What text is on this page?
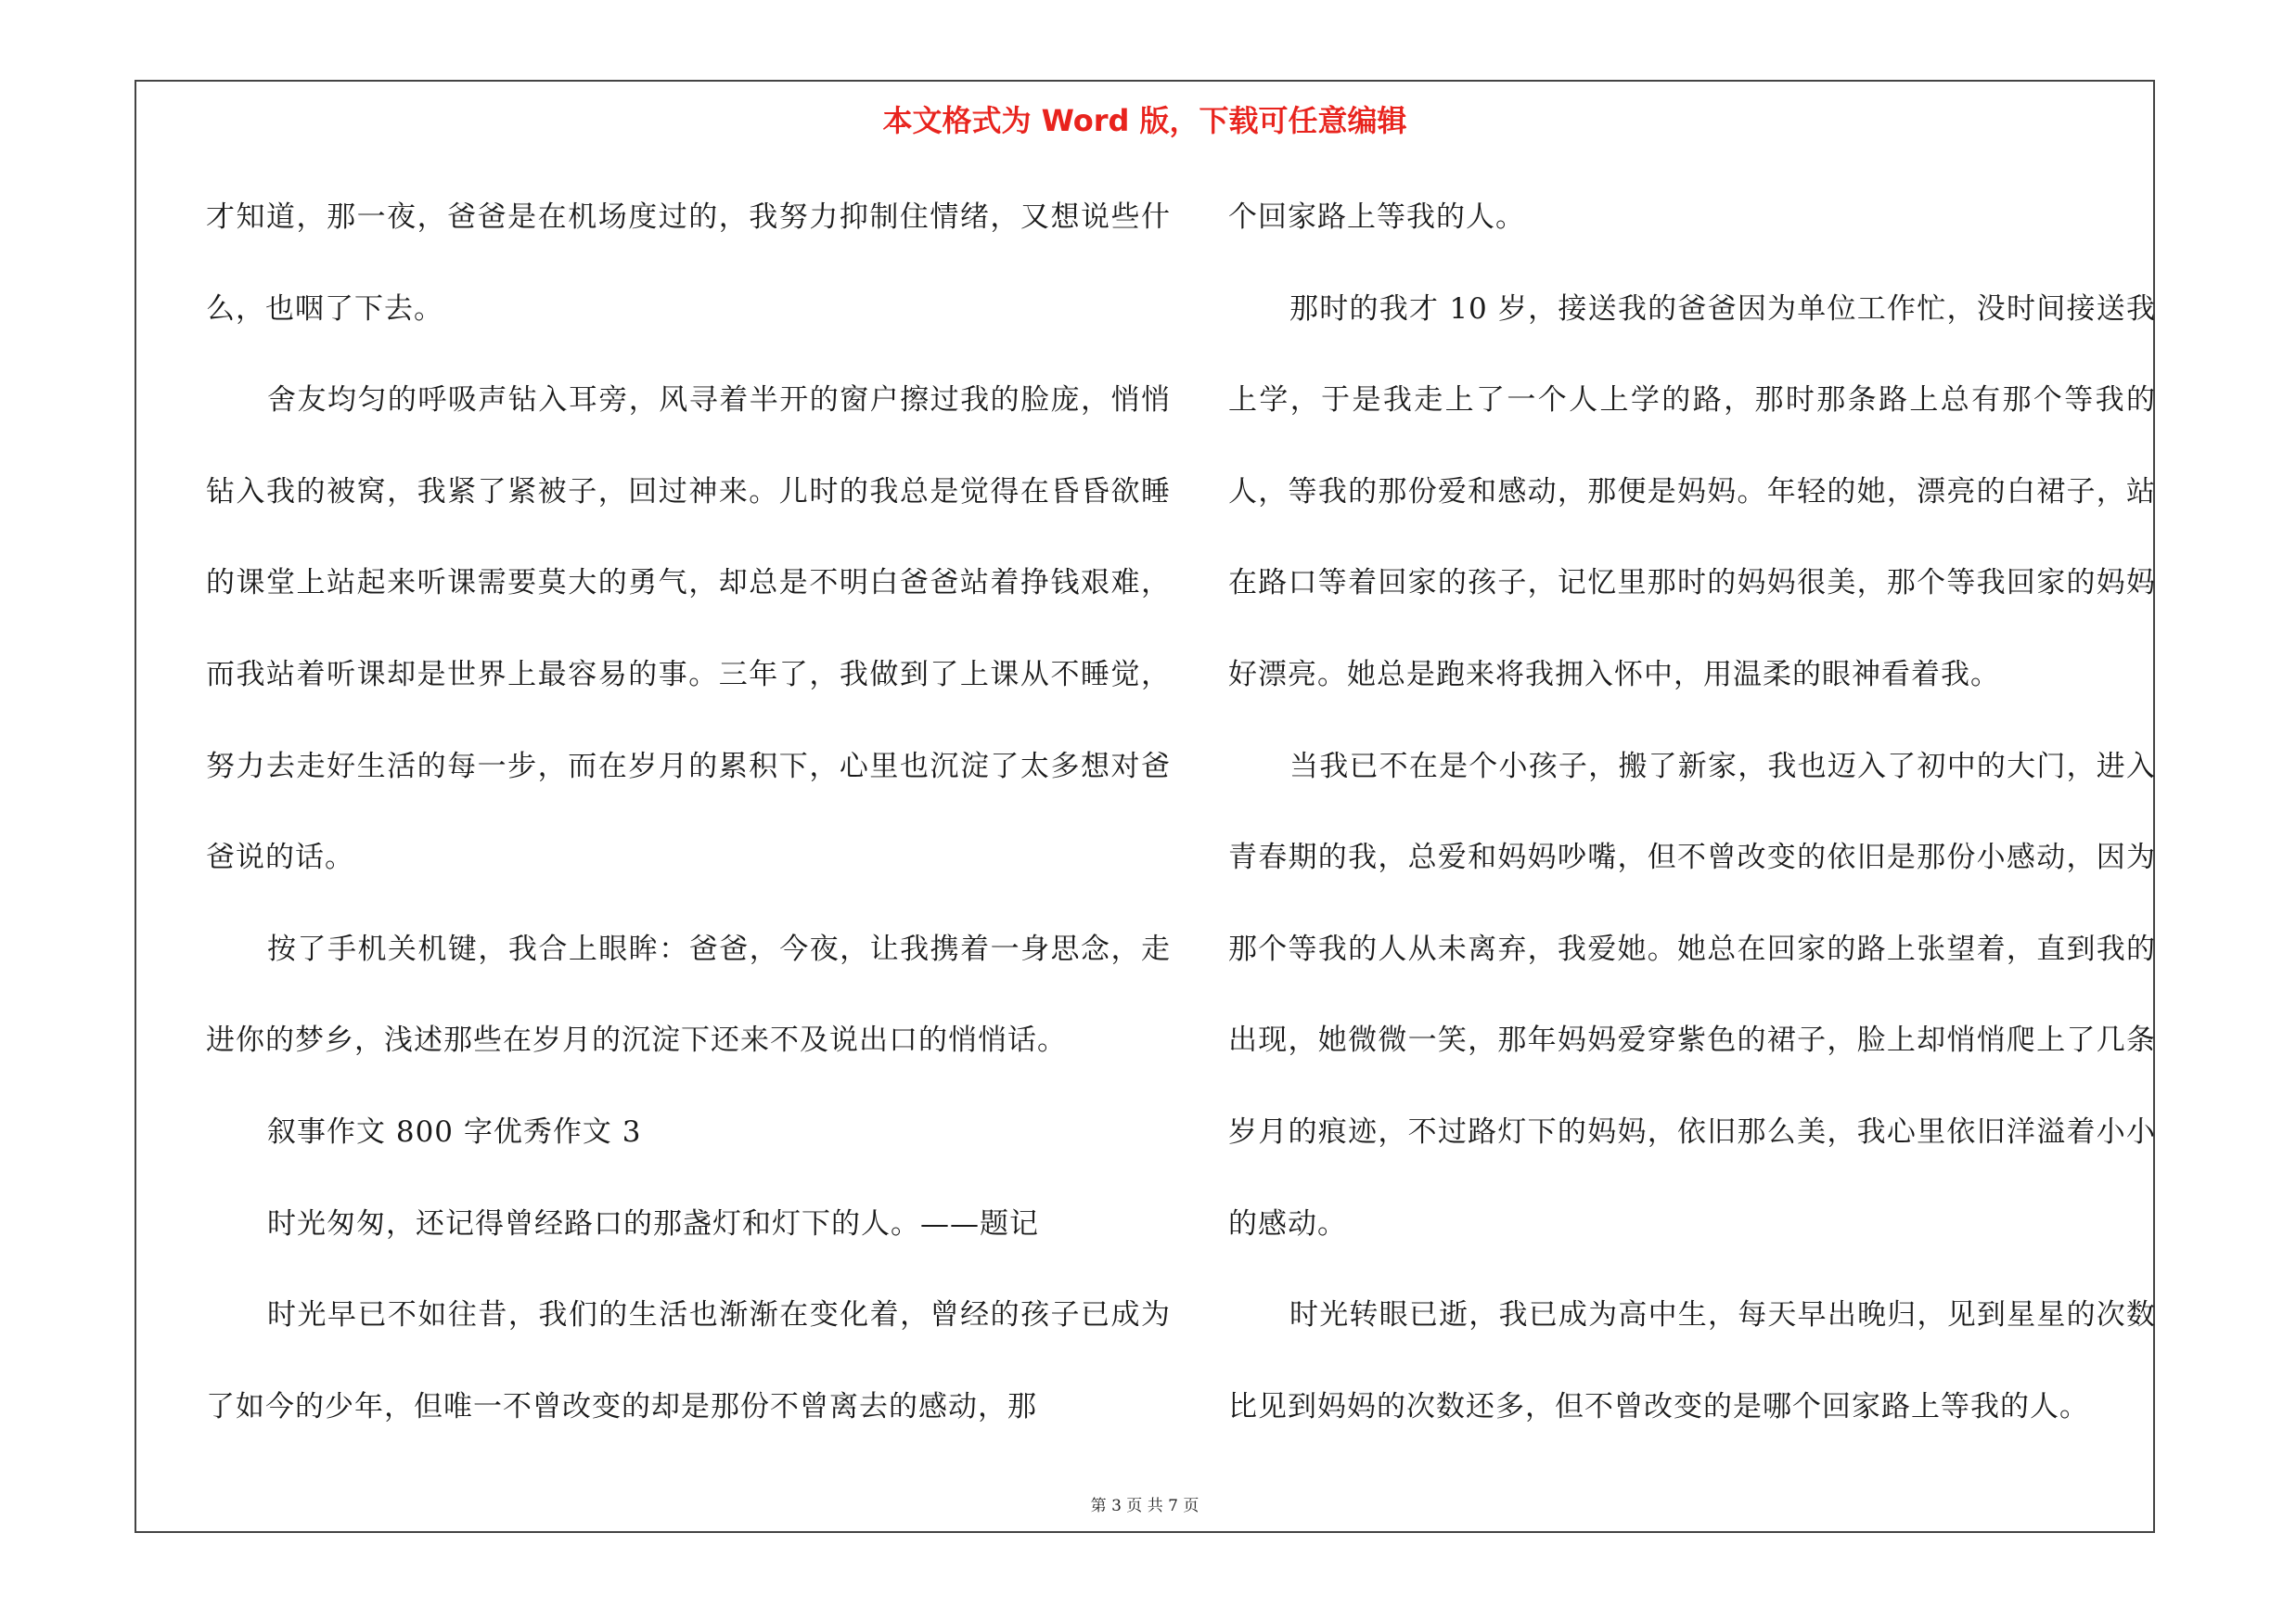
本文格式为 Word 版，下载可任意编辑

才知道，那一夜，爸爸是在机场度过的，我努力抑制住情绪，又想说些什么，也咽了下去。

舍友均匀的呼吸声钻入耳旁，风寻着半开的窗户擦过我的脸庞，悄悄钻入我的被窝，我紧了紧被子，回过神来。儿时的我总是觉得在昏昏欲睡的课堂上站起来听课需要莫大的勇气，却总是不明白爸爸站着挣钱艰难，而我站着听课却是世界上最容易的事。三年了，我做到了上课从不睡觉，努力去走好生活的每一步，而在岁月的累积下，心里也沉淀了太多想对爸爸说的话。

按了手机关机键，我合上眼眸：爸爸，今夜，让我携着一身思念，走进你的梦乡，浅述那些在岁月的沉淀下还来不及说出口的悄悄话。

叙事作文 800 字优秀作文 3

时光匆匆，还记得曾经路口的那盏灯和灯下的人。——题记

时光早已不如往昔，我们的生活也渐渐在变化着，曾经的孩子已成为了如今的少年，但唯一不曾改变的却是那份不曾离去的感动，那

个回家路上等我的人。

那时的我才 10 岁，接送我的爸爸因为单位工作忙，没时间接送我上学，于是我走上了一个人上学的路，那时那条路上总有那个等我的人，等我的那份爱和感动，那便是妈妈。年轻的她，漂亮的白裙子，站在路口等着回家的孩子，记忆里那时的妈妈很美，那个等我回家的妈妈好漂亮。她总是跑来将我拥入怀中，用温柔的眼神看着我。

当我已不在是个小孩子，搬了新家，我也迈入了初中的大门，进入青春期的我，总爱和妈妈吵嘴，但不曾改变的依旧是那份小感动，因为那个等我的人从未离弃，我爱她。她总在回家的路上张望着，直到我的出现，她微微一笑，那年妈妈爱穿紫色的裙子，脸上却悄悄爬上了几条岁月的痕迹，不过路灯下的妈妈，依旧那么美，我心里依旧洋溢着小小的感动。

时光转眼已逝，我已成为高中生，每天早出晚归，见到星星的次数比见到妈妈的次数还多，但不曾改变的是哪个回家路上等我的人。

第 3 页 共 7 页
